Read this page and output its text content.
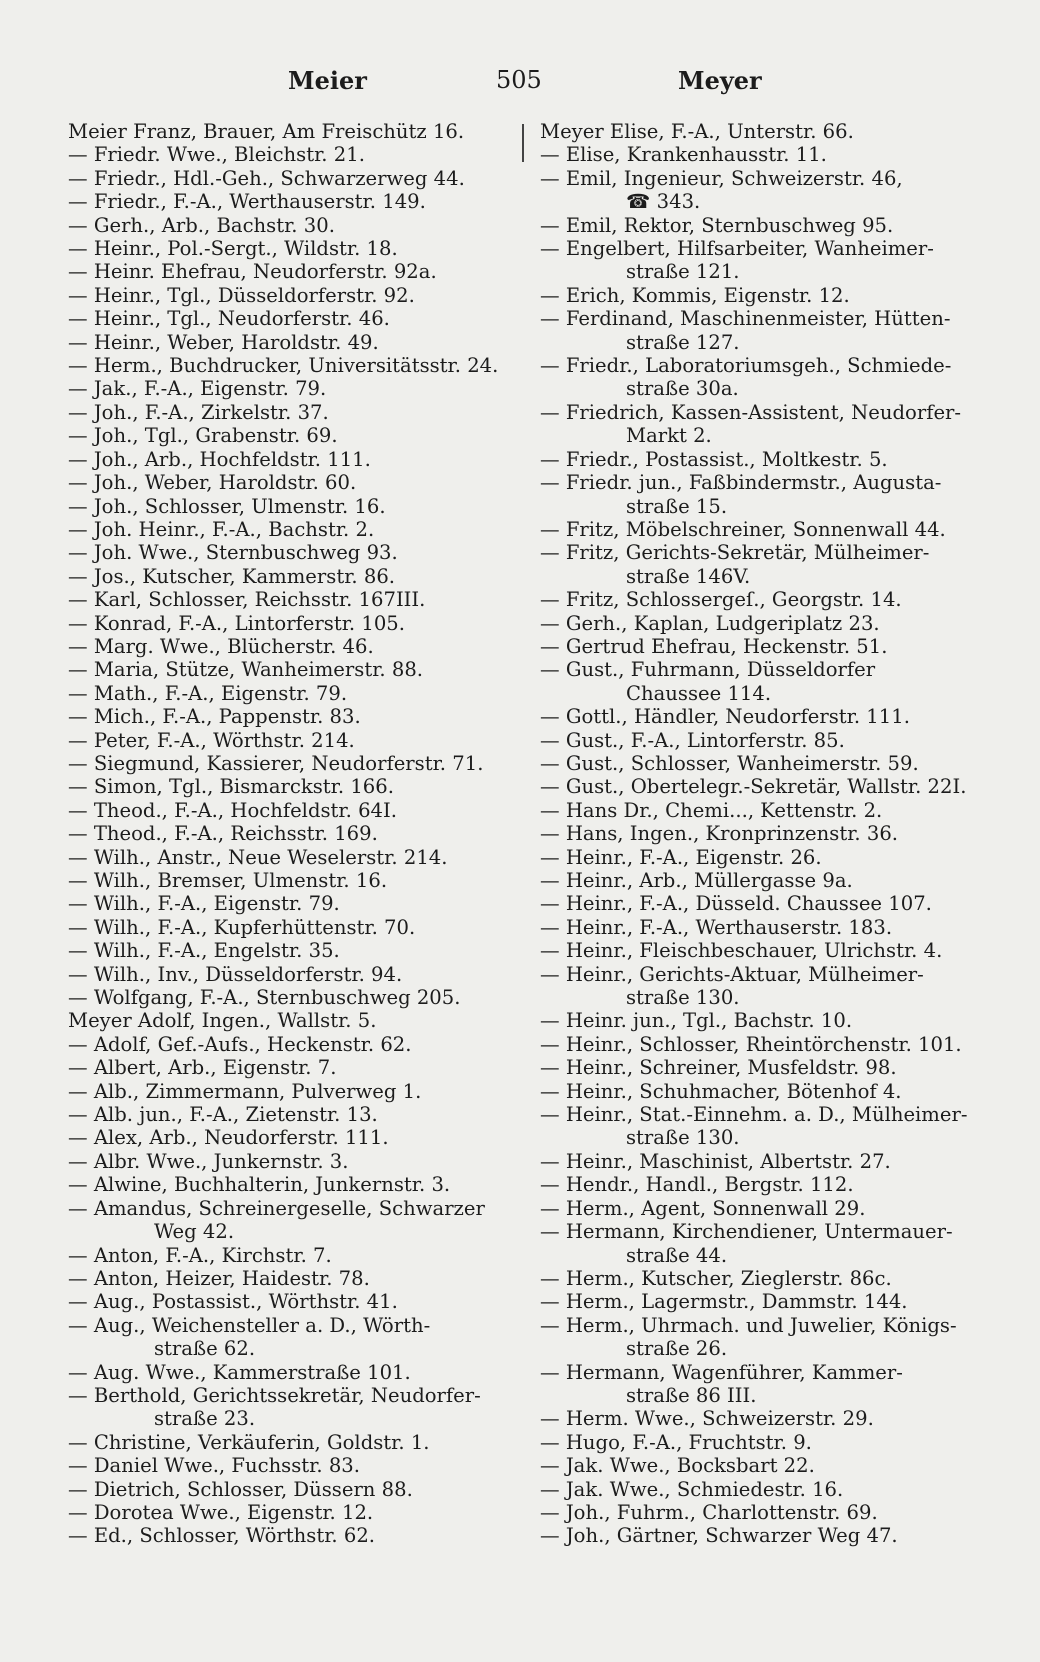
Meier	505	Meyer
Meier Franz, Brauer, Am Freischütz 16.
— Friedr. Wwe., Bleichstr. 21.
— Friedr., Hdl.-Geh., Schwarzerweg 44.
— Friedr., F.-A., Werthauserstr. 149.
— Gerh., Arb., Bachstr. 30.
— Heinr., Pol.-Sergt., Wildstr. 18.
— Heinr. Ehefrau, Neudorferstr. 92a.
— Heinr., Tgl., Düsseldorferstr. 92.
— Heinr., Tgl., Neudorferstr. 46.
— Heinr., Weber, Haroldstr. 49.
— Herm., Buchdrucker, Universitätsstr. 24.
— Jak., F.-A., Eigenstr. 79.
— Joh., F.-A., Zirkelstr. 37.
— Joh., Tgl., Grabenstr. 69.
— Joh., Arb., Hochfeldstr. 111.
— Joh., Weber, Haroldstr. 60.
— Joh., Schlosser, Ulmenstr. 16.
— Joh. Heinr., F.-A., Bachstr. 2.
— Joh. Wwe., Sternbuschweg 93.
— Jos., Kutscher, Kammerstr. 86.
— Karl, Schlosser, Reichsstr. 167III.
— Konrad, F.-A., Lintorferstr. 105.
— Marg. Wwe., Blücherstr. 46.
— Maria, Stütze, Wanheimerstr. 88.
— Math., F.-A., Eigenstr. 79.
— Mich., F.-A., Pappenstr. 83.
— Peter, F.-A., Wörthstr. 214.
— Siegmund, Kassierer, Neudorferstr. 71.
— Simon, Tgl., Bismarckstr. 166.
— Theod., F.-A., Hochfeldstr. 64I.
— Theod., F.-A., Reichsstr. 169.
— Wilh., Anstr., Neue Weselerstr. 214.
— Wilh., Bremser, Ulmenstr. 16.
— Wilh., F.-A., Eigenstr. 79.
— Wilh., F.-A., Kupferhüttenstr. 70.
— Wilh., F.-A., Engelstr. 35.
— Wilh., Inv., Düsseldorferstr. 94.
— Wolfgang, F.-A., Sternbuschweg 205.
Meyer Adolf, Ingen., Wallstr. 5.
— Adolf, Gef.-Aufs., Heckenstr. 62.
— Albert, Arb., Eigenstr. 7.
— Alb., Zimmermann, Pulverweg 1.
— Alb. jun., F.-A., Zietenstr. 13.
— Alex, Arb., Neudorferstr. 111.
— Albr. Wwe., Junkernstr. 3.
— Alwine, Buchhalterin, Junkernstr. 3.
— Amandus, Schreinergeselle, Schwarzer
Weg 42.
— Anton, F.-A., Kirchstr. 7.
— Anton, Heizer, Haidestr. 78.
— Aug., Postassist., Wörthstr. 41.
— Aug., Weichensteller a. D., Wörth-
straße 62.
— Aug. Wwe., Kammerstraße 101.
— Berthold, Gerichtssekretär, Neudorfer-
straße 23.
— Christine, Verkäuferin, Goldstr. 1.
— Daniel Wwe., Fuchsstr. 83.
— Dietrich, Schlosser, Düssern 88.
— Dorotea Wwe., Eigenstr. 12.
— Ed., Schlosser, Wörthstr. 62.
Meyer Elise, F.-A., Unterstr. 66.
— Elise, Krankenhausstr. 11.
— Emil, Ingenieur, Schweizerstr. 46,
☎ 343.
— Emil, Rektor, Sternbuschweg 95.
— Engelbert, Hilfsarbeiter, Wanheimer-
straße 121.
— Erich, Kommis, Eigenstr. 12.
— Ferdinand, Maschinenmeister, Hütten-
straße 127.
— Friedr., Laboratoriumsgeh., Schmiede-
straße 30a.
— Friedrich, Kassen-Assistent, Neudorfer-
Markt 2.
— Friedr., Postassist., Moltkestr. 5.
— Friedr. jun., Faßbindermstr., Augusta-
straße 15.
— Fritz, Möbelschreiner, Sonnenwall 44.
— Fritz, Gerichts-Sekretär, Mülheimer-
straße 146V.
— Fritz, Schlossergeſ., Georgstr. 14.
— Gerh., Kaplan, Ludgeriplatz 23.
— Gertrud Ehefrau, Heckenstr. 51.
— Gust., Fuhrmann, Düsseldorfer
Chaussee 114.
— Gottl., Händler, Neudorferstr. 111.
— Gust., F.-A., Lintorferstr. 85.
— Gust., Schlosser, Wanheimerstr. 59.
— Gust., Obertelegr.-Sekretär, Wallstr. 22I.
— Hans Dr., Chemi..., Kettenstr. 2.
— Hans, Ingen., Kronprinzenstr. 36.
— Heinr., F.-A., Eigenstr. 26.
— Heinr., Arb., Müllergasse 9a.
— Heinr., F.-A., Düsseld. Chaussee 107.
— Heinr., F.-A., Werthauserstr. 183.
— Heinr., Fleischbeschauer, Ulrichstr. 4.
— Heinr., Gerichts-Aktuar, Mülheimer-
straße 130.
— Heinr. jun., Tgl., Bachstr. 10.
— Heinr., Schlosser, Rheintörchenstr. 101.
— Heinr., Schreiner, Musfeldstr. 98.
— Heinr., Schuhmacher, Bötenhof 4.
— Heinr., Stat.-Einnehm. a. D., Mülheimer-
straße 130.
— Heinr., Maschinist, Albertstr. 27.
— Hendr., Handl., Bergstr. 112.
— Herm., Agent, Sonnenwall 29.
— Hermann, Kirchendiener, Untermauer-
straße 44.
— Herm., Kutscher, Zieglerstr. 86c.
— Herm., Lagermstr., Dammstr. 144.
— Herm., Uhrmach. und Juwelier, Königs-
straße 26.
— Hermann, Wagenführer, Kammer-
straße 86 III.
— Herm. Wwe., Schweizerstr. 29.
— Hugo, F.-A., Fruchtstr. 9.
— Jak. Wwe., Bocksbart 22.
— Jak. Wwe., Schmiedestr. 16.
— Joh., Fuhrm., Charlottenstr. 69.
— Joh., Gärtner, Schwarzer Weg 47.
